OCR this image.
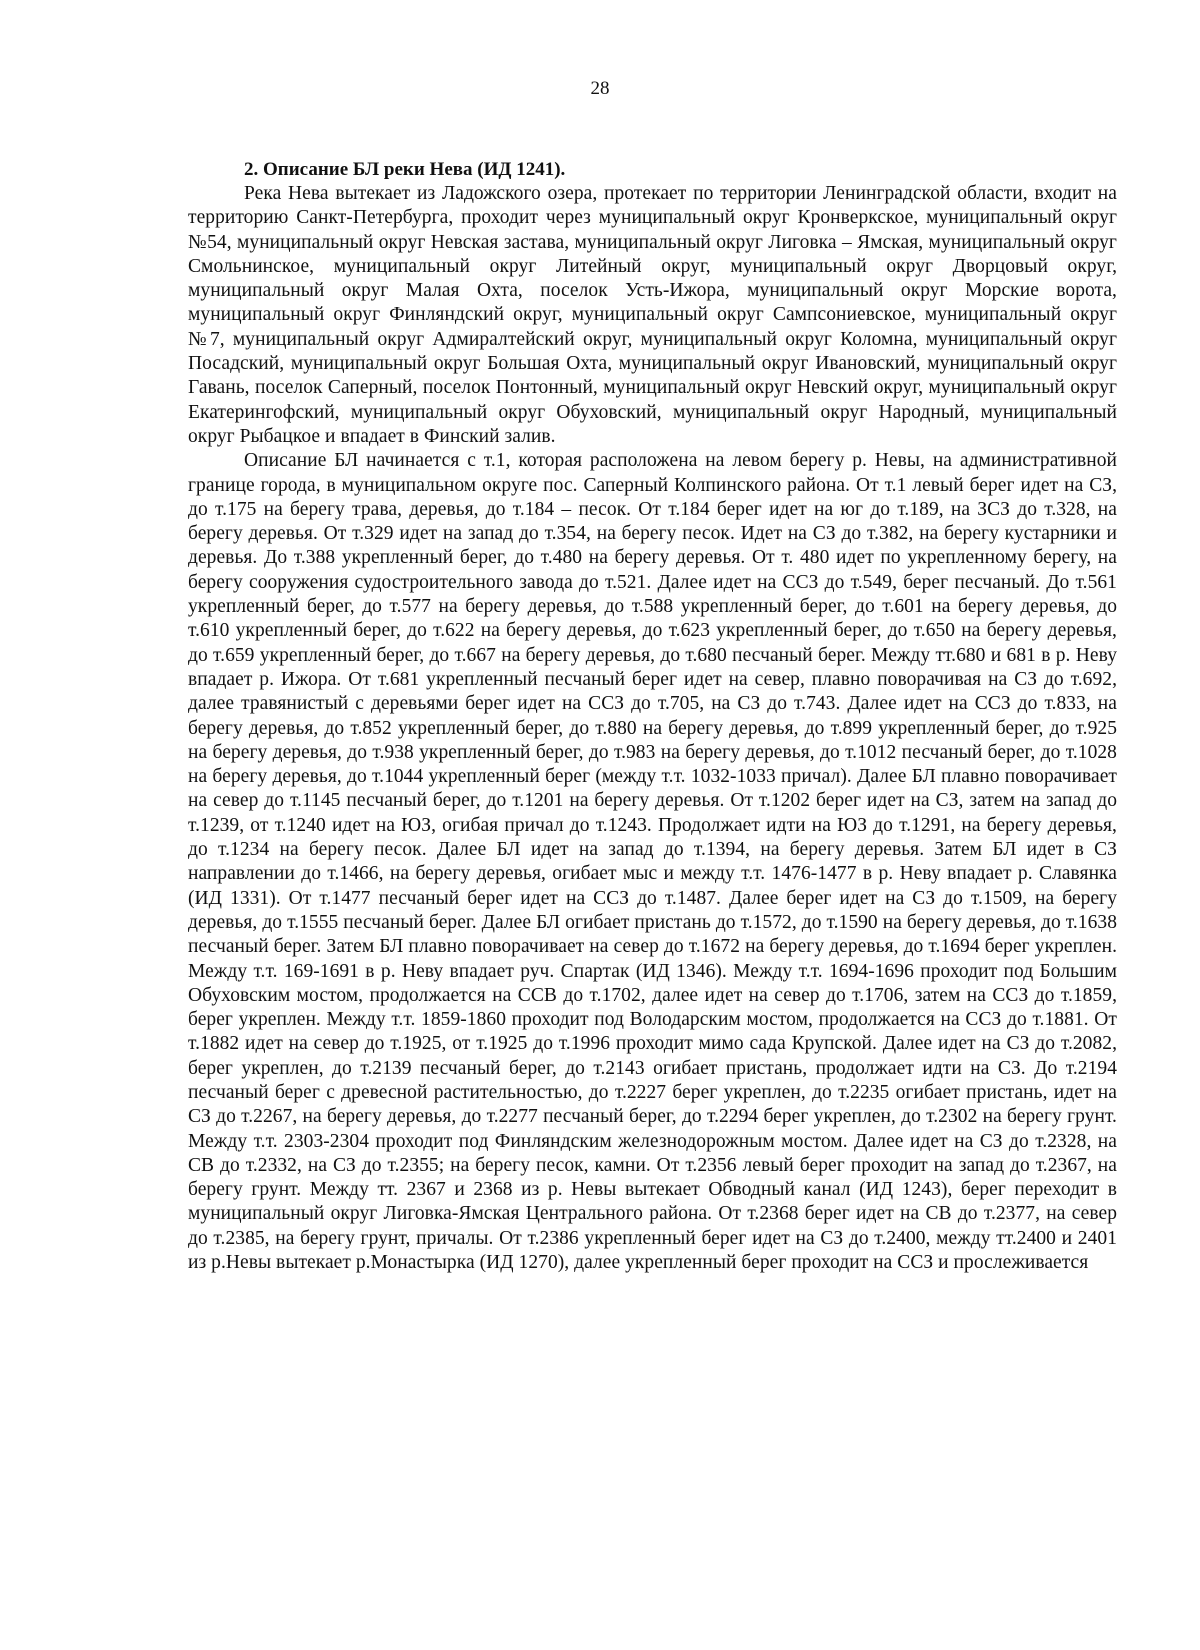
28

2. Описание БЛ реки Нева (ИД 1241).

Река Нева вытекает из Ладожского озера, протекает по территории Ленинградской области, входит на территорию Санкт-Петербурга, проходит через муниципальный округ Кронверкское, муниципальный округ №54, муниципальный округ Невская застава, муниципальный округ Лиговка – Ямская, муниципальный округ Смольнинское, муниципальный округ Литейный округ, муниципальный округ Дворцовый округ, муниципальный округ Малая Охта, поселок Усть-Ижора, муниципальный округ Морские ворота, муниципальный округ Финляндский округ, муниципальный округ Сампсониевское, муниципальный округ №7, муниципальный округ Адмиралтейский округ, муниципальный округ Коломна, муниципальный округ Посадский, муниципальный округ Большая Охта, муниципальный округ Ивановский, муниципальный округ Гавань, поселок Саперный, поселок Понтонный, муниципальный округ Невский округ, муниципальный округ Екатерингофский, муниципальный округ Обуховский, муниципальный округ Народный, муниципальный округ Рыбацкое и впадает в Финский залив.

Описание БЛ начинается с т.1, которая расположена на левом берегу р. Невы, на административной границе города, в муниципальном округе пос. Саперный Колпинского района. От т.1 левый берег идет на СЗ, до т.175 на берегу трава, деревья, до т.184 – песок. От т.184 берег идет на юг до т.189, на ЗСЗ до т.328, на берегу деревья. От т.329 идет на запад до т.354, на берегу песок. Идет на СЗ до т.382, на берегу кустарники и деревья. До т.388 укрепленный берег, до т.480 на берегу деревья. От т. 480 идет по укрепленному берегу, на берегу сооружения судостроительного завода до т.521. Далее идет на ССЗ до т.549, берег песчаный. До т.561 укрепленный берег, до т.577 на берегу деревья, до т.588 укрепленный берег, до т.601 на берегу деревья, до т.610 укрепленный берег, до т.622 на берегу деревья, до т.623 укрепленный берег, до т.650 на берегу деревья, до т.659 укрепленный берег, до т.667 на берегу деревья, до т.680 песчаный берег. Между тт.680 и 681 в р. Неву впадает р. Ижора. От т.681 укрепленный песчаный берег идет на север, плавно поворачивая на СЗ до т.692, далее травянистый с деревьями берег идет на ССЗ до т.705, на СЗ до т.743. Далее идет на ССЗ до т.833, на берегу деревья, до т.852 укрепленный берег, до т.880 на берегу деревья, до т.899 укрепленный берег, до т.925 на берегу деревья, до т.938 укрепленный берег, до т.983 на берегу деревья, до т.1012 песчаный берег, до т.1028 на берегу деревья, до т.1044 укрепленный берег (между т.т. 1032-1033 причал). Далее БЛ плавно поворачивает на север до т.1145 песчаный берег, до т.1201 на берегу деревья. От т.1202 берег идет на СЗ, затем на запад до т.1239, от т.1240 идет на ЮЗ, огибая причал до т.1243. Продолжает идти на ЮЗ до т.1291, на берегу деревья, до т.1234 на берегу песок. Далее БЛ идет на запад до т.1394, на берегу деревья. Затем БЛ идет в СЗ направлении до т.1466, на берегу деревья, огибает мыс и между т.т. 1476-1477 в р. Неву впадает р. Славянка (ИД 1331). От т.1477 песчаный берег идет на ССЗ до т.1487. Далее берег идет на СЗ до т.1509, на берегу деревья, до т.1555 песчаный берег. Далее БЛ огибает пристань до т.1572, до т.1590 на берегу деревья, до т.1638 песчаный берег. Затем БЛ плавно поворачивает на север до т.1672 на берегу деревья, до т.1694 берег укреплен. Между т.т. 169-1691 в р. Неву впадает руч. Спартак (ИД 1346). Между т.т. 1694-1696 проходит под Большим Обуховским мостом, продолжается на ССВ до т.1702, далее идет на север до т.1706, затем на ССЗ до т.1859, берег укреплен. Между т.т. 1859-1860 проходит под Володарским мостом, продолжается на ССЗ до т.1881. От т.1882 идет на север до т.1925, от т.1925 до т.1996 проходит мимо сада Крупской. Далее идет на СЗ до т.2082, берег укреплен, до т.2139 песчаный берег, до т.2143 огибает пристань, продолжает идти на СЗ. До т.2194 песчаный берег с древесной растительностью, до т.2227 берег укреплен, до т.2235 огибает пристань, идет на СЗ до т.2267, на берегу деревья, до т.2277 песчаный берег, до т.2294 берег укреплен, до т.2302 на берегу грунт. Между т.т. 2303-2304 проходит под Финляндским железнодорожным мостом. Далее идет на СЗ до т.2328, на СВ до т.2332, на СЗ до т.2355; на берегу песок, камни. От т.2356 левый берег проходит на запад до т.2367, на берегу грунт. Между тт. 2367 и 2368 из р. Невы вытекает Обводный канал (ИД 1243), берег переходит в муниципальный округ Лиговка-Ямская Центрального района. От т.2368 берег идет на СВ до т.2377, на север до т.2385, на берегу грунт, причалы. От т.2386 укрепленный берег идет на СЗ до т.2400, между тт.2400 и 2401 из р.Невы вытекает р.Монастырка (ИД 1270), далее укрепленный берег проходит на ССЗ и прослеживается
